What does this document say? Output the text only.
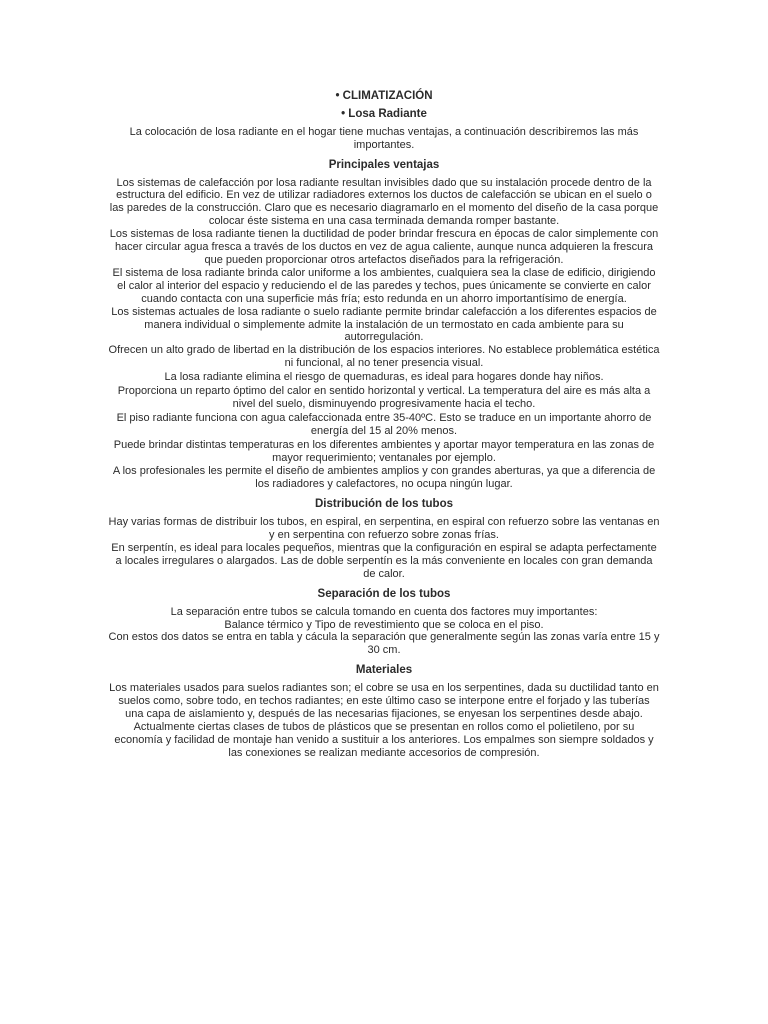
• CLIMATIZACIÓN

• Losa Radiante

La colocación de losa radiante en el hogar tiene muchas ventajas, a continuación describiremos las más importantes.

Principales ventajas

Los sistemas de calefacción por losa radiante resultan invisibles dado que su instalación procede dentro de la estructura del edificio. En vez de utilizar radiadores externos los ductos de calefacción se ubican en el suelo o las paredes de la construcción. Claro que es necesario diagramarlo en el momento del diseño de la casa porque colocar éste sistema en una casa terminada demanda romper bastante.

Los sistemas de losa radiante tienen la ductilidad de poder brindar frescura en épocas de calor simplemente con hacer circular agua fresca a través de los ductos en vez de agua caliente, aunque nunca adquieren la frescura que pueden proporcionar otros artefactos diseñados para la refrigeración.

El sistema de losa radiante brinda calor uniforme a los ambientes, cualquiera sea la clase de edificio, dirigiendo el calor al interior del espacio y reduciendo el de las paredes y techos, pues únicamente se convierte en calor cuando contacta con una superficie más fría; esto redunda en un ahorro importantísimo de energía.

Los sistemas actuales de losa radiante o suelo radiante permite brindar calefacción a los diferentes espacios de manera individual o simplemente admite la instalación de un termostato en cada ambiente para su autorregulación.

Ofrecen un alto grado de libertad en la distribución de los espacios interiores. No establece problemática estética ni funcional, al no tener presencia visual.

La losa radiante elimina el riesgo de quemaduras, es ideal para hogares donde hay niños.

Proporciona un reparto óptimo del calor en sentido horizontal y vertical. La temperatura del aire es más alta a nivel del suelo, disminuyendo progresivamente hacia el techo.

El piso radiante funciona con agua calefaccionada entre 35-40ºC. Esto se traduce en un importante ahorro de energía del 15 al 20% menos.

Puede brindar distintas temperaturas en los diferentes ambientes y aportar mayor temperatura en las zonas de mayor requerimiento; ventanales por ejemplo.

A los profesionales les permite el diseño de ambientes amplios y con grandes aberturas, ya que a diferencia de los radiadores y calefactores, no ocupa ningún lugar.

Distribución de los tubos

Hay varias formas de distribuir los tubos, en espiral, en serpentina, en espiral con refuerzo sobre las ventanas en y en serpentina con refuerzo sobre zonas frías.

En serpentín, es ideal para locales pequeños, mientras que la configuración en espiral se adapta perfectamente a locales irregulares o alargados. Las de doble serpentín es la más conveniente en locales con gran demanda de calor.

Separación de los tubos

La separación entre tubos se calcula tomando en cuenta dos factores muy importantes:

Balance térmico y Tipo de revestimiento que se coloca en el piso.

Con estos dos datos se entra en tabla y cácula la separación que generalmente según las zonas varía entre 15 y 30 cm.

Materiales

Los materiales usados para suelos radiantes son; el cobre se usa en los serpentines, dada su ductilidad tanto en suelos como, sobre todo, en techos radiantes; en este último caso se interpone entre el forjado y las tuberías una capa de aislamiento y, después de las necesarias fijaciones, se enyesan los serpentines desde abajo. Actualmente ciertas clases de tubos de plásticos que se presentan en rollos como el polietileno, por su economía y facilidad de montaje han venido a sustituir a los anteriores. Los empalmes son siempre soldados y las conexiones se realizan mediante accesorios de compresión.
